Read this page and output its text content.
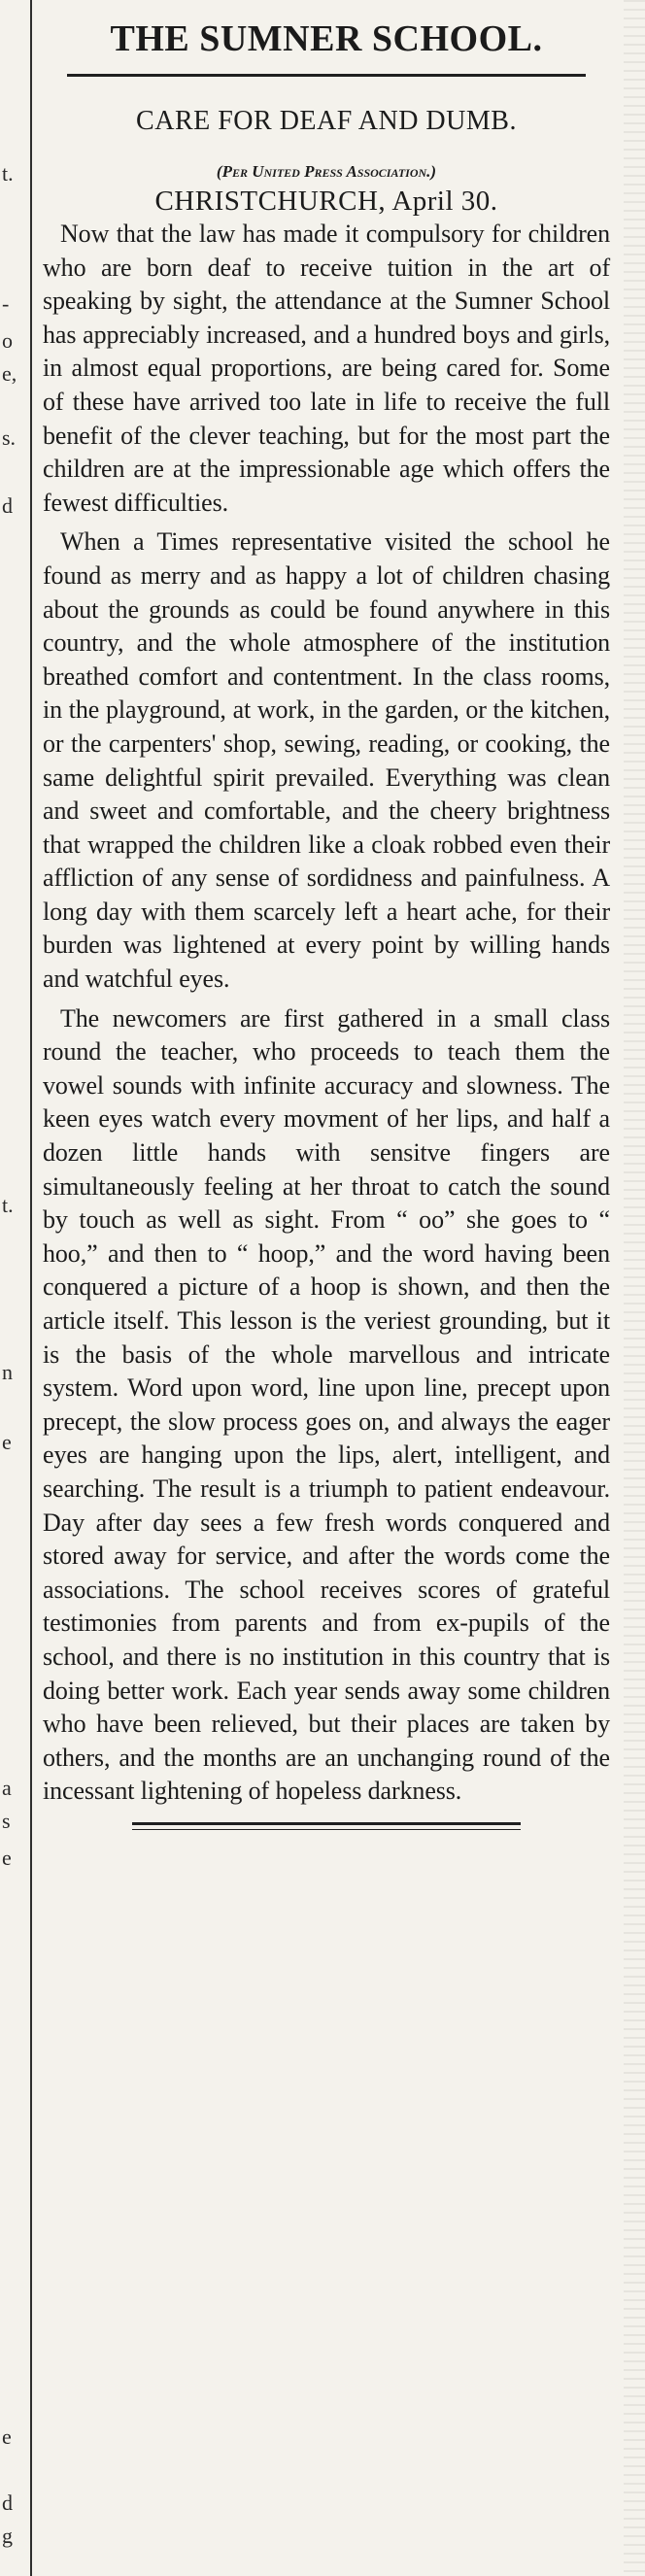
t.
-
o
e,
s.
d
t.
n
e
a
s
e
e
d
g
THE SUMNER SCHOOL.
CARE FOR DEAF AND DUMB.

(Per United Press Association.)

CHRISTCHURCH, April 30.

Now that the law has made it compulsory for children who are born deaf to receive tuition in the art of speaking by sight, the attendance at the Sumner School has appreciably increased, and a hundred boys and girls, in almost equal proportions, are being cared for. Some of these have arrived too late in life to receive the full benefit of the clever teaching, but for the most part the children are at the impressionable age which offers the fewest difficulties.

When a Times representative visited the school he found as merry and as happy a lot of children chasing about the grounds as could be found anywhere in this country, and the whole atmosphere of the institution breathed comfort and contentment. In the class rooms, in the playground, at work, in the garden, or the kitchen, or the carpenters' shop, sewing, reading, or cooking, the same delightful spirit prevailed. Everything was clean and sweet and comfortable, and the cheery brightness that wrapped the children like a cloak robbed even their affliction of any sense of sordidness and painfulness. A long day with them scarcely left a heart ache, for their burden was lightened at every point by willing hands and watchful eyes.

The newcomers are first gathered in a small class round the teacher, who proceeds to teach them the vowel sounds with infinite accuracy and slowness. The keen eyes watch every movment of her lips, and half a dozen little hands with sensitve fingers are simultaneously feeling at her throat to catch the sound by touch as well as sight. From “ oo” she goes to “ hoo,” and then to “ hoop,” and the word having been conquered a picture of a hoop is shown, and then the article itself. This lesson is the veriest grounding, but it is the basis of the whole marvellous and intricate system. Word upon word, line upon line, precept upon precept, the slow process goes on, and always the eager eyes are hanging upon the lips, alert, intelligent, and searching. The result is a triumph to patient endeavour. Day after day sees a few fresh words conquered and stored away for service, and after the words come the associations. The school receives scores of grateful testimonies from parents and from ex-pupils of the school, and there is no institution in this country that is doing better work. Each year sends away some children who have been relieved, but their places are taken by others, and the months are an unchanging round of the incessant lightening of hopeless darkness.
